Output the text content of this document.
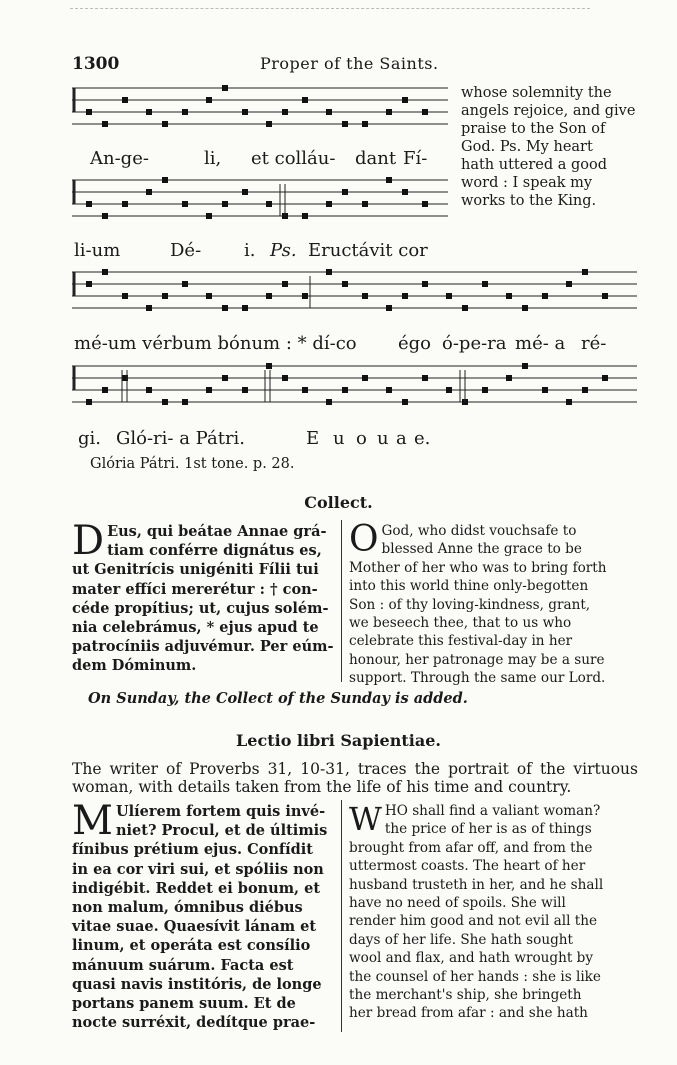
1300	Proper of the Saints.
An-ge-	li, et colláu- dant Fí-
li-um	Dé- i. Ps. Eructávit cor
mé-um vérbum bónum : * dí-co égo ó-pe-ra mé- a ré-
gi. Gló-ri- a Pátri.	E u o u a e.
whose solemnity the
angels rejoice, and give
praise to the Son of
God. Ps. My heart
hath uttered a good
word : I speak my
works to the King.
Glória Pátri. 1st tone. p. 28.
Collect.
D Eus, qui beátae Annae grá-
tiam conférre dignátus es,
ut Genitrícis unigéniti Fílii tui
mater effíci mererétur : † con-
céde propítius; ut, cujus solém-
nia celebrámus, * ejus apud te
patrocíniis adjuvémur. Per eúm-
dem Dóminum.
O God, who didst vouchsafe to
blessed Anne the grace to be
Mother of her who was to bring forth
into this world thine only-begotten
Son : of thy loving-kindness, grant,
we beseech thee, that to us who
celebrate this festival-day in her
honour, her patronage may be a sure
support. Through the same our Lord.
On Sunday, the Collect of the Sunday is added.
Lectio libri Sapientiae.
The writer of Proverbs 31, 10-31, traces the portrait of the virtuous woman, with details taken from the life of his time and country.
M Ulíerem fortem quis invé-
niet? Procul, et de últimis
fínibus prétium ejus. Confídit
in ea cor viri sui, et spóliis non
indigébit. Reddet ei bonum, et
non malum, ómnibus diébus
vitae suae. Quaesívit lánam et
linum, et operáta est consílio
mánuum suárum. Facta est
quasi navis institóris, de longe
portans panem suum. Et de
nocte surréxit, dedítque prae-
W HO shall find a valiant woman?
the price of her is as of things
brought from afar off, and from the
uttermost coasts. The heart of her
husband trusteth in her, and he shall
have no need of spoils. She will
render him good and not evil all the
days of her life. She hath sought
wool and flax, and hath wrought by
the counsel of her hands : she is like
the merchant's ship, she bringeth
her bread from afar : and she hath
